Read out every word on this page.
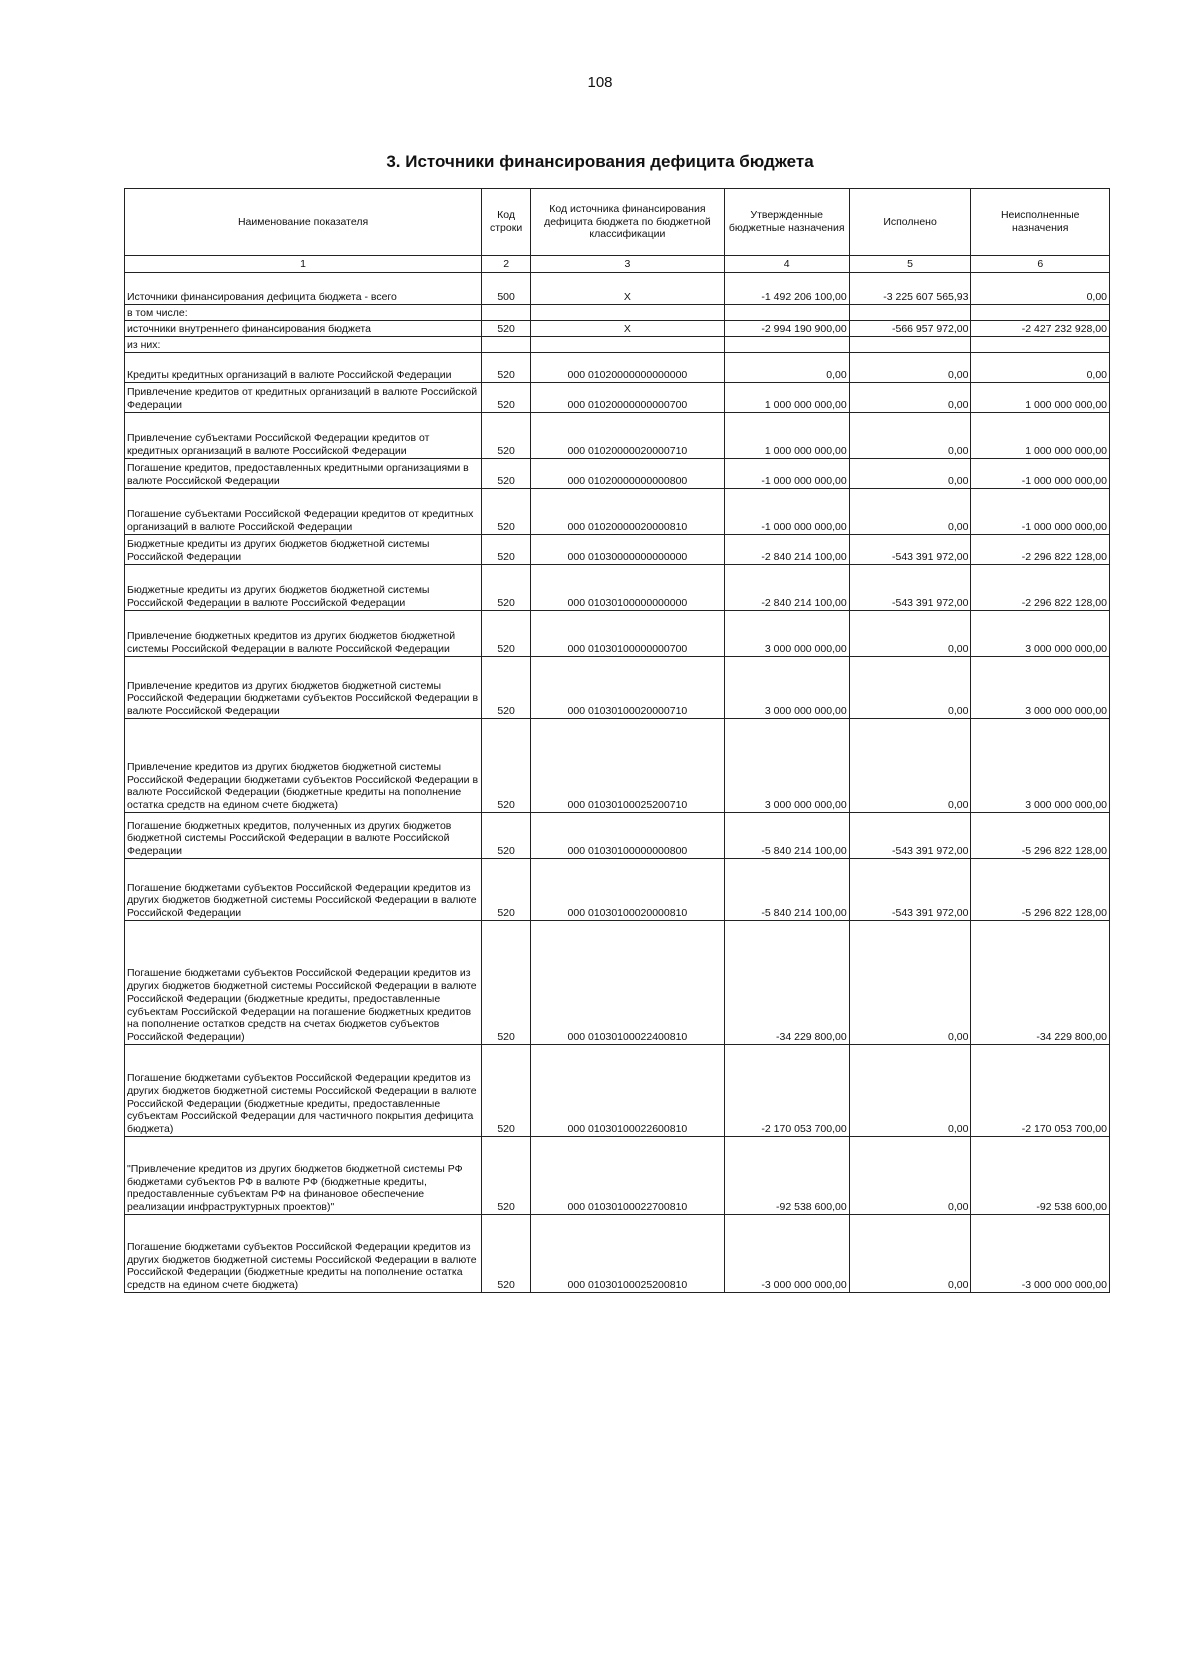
108
3. Источники финансирования дефицита бюджета
Наименование показателя	Код строки	Код источника финансирования дефицита бюджета по бюджетной классификации	Утвержденные бюджетные назначения	Исполнено	Неисполненные назначения
1	2	3	4	5	6
Источники финансирования дефицита бюджета - всего	500	X	-1 492 206 100,00	-3 225 607 565,93	0,00
в том числе:					
источники внутреннего финансирования бюджета	520	X	-2 994 190 900,00	-566 957 972,00	-2 427 232 928,00
из них:					
Кредиты кредитных организаций в валюте Российской Федерации	520	000 01020000000000000	0,00	0,00	0,00
Привлечение кредитов от кредитных организаций в валюте Российской Федерации	520	000 01020000000000700	1 000 000 000,00	0,00	1 000 000 000,00
Привлечение субъектами Российской Федерации кредитов от кредитных организаций в валюте Российской Федерации	520	000 01020000020000710	1 000 000 000,00	0,00	1 000 000 000,00
Погашение кредитов, предоставленных кредитными организациями в валюте Российской Федерации	520	000 01020000000000800	-1 000 000 000,00	0,00	-1 000 000 000,00
Погашение субъектами Российской Федерации кредитов от кредитных организаций в валюте Российской Федерации	520	000 01020000020000810	-1 000 000 000,00	0,00	-1 000 000 000,00
Бюджетные кредиты из других бюджетов бюджетной системы Российской Федерации	520	000 01030000000000000	-2 840 214 100,00	-543 391 972,00	-2 296 822 128,00
Бюджетные кредиты из других бюджетов бюджетной системы Российской Федерации в валюте Российской Федерации	520	000 01030100000000000	-2 840 214 100,00	-543 391 972,00	-2 296 822 128,00
Привлечение бюджетных кредитов из других бюджетов бюджетной системы Российской Федерации в валюте Российской Федерации	520	000 01030100000000700	3 000 000 000,00	0,00	3 000 000 000,00
Привлечение кредитов из других бюджетов бюджетной системы Российской Федерации бюджетами субъектов Российской Федерации в валюте Российской Федерации	520	000 01030100020000710	3 000 000 000,00	0,00	3 000 000 000,00
Привлечение кредитов из других бюджетов бюджетной системы Российской Федерации бюджетами субъектов Российской Федерации в валюте Российской Федерации (бюджетные кредиты на пополнение остатка средств на едином счете бюджета)	520	000 01030100025200710	3 000 000 000,00	0,00	3 000 000 000,00
Погашение бюджетных кредитов, полученных из других бюджетов бюджетной системы Российской Федерации в валюте Российской Федерации	520	000 01030100000000800	-5 840 214 100,00	-543 391 972,00	-5 296 822 128,00
Погашение бюджетами субъектов Российской Федерации кредитов из других бюджетов бюджетной системы Российской Федерации в валюте Российской Федерации	520	000 01030100020000810	-5 840 214 100,00	-543 391 972,00	-5 296 822 128,00
Погашение бюджетами субъектов Российской Федерации кредитов из других бюджетов бюджетной системы Российской Федерации в валюте Российской Федерации (бюджетные кредиты, предоставленные субъектам Российской Федерации на погашение бюджетных кредитов на пополнение остатков средств на счетах бюджетов субъектов Российской Федерации)	520	000 01030100022400810	-34 229 800,00	0,00	-34 229 800,00
Погашение бюджетами субъектов Российской Федерации кредитов из других бюджетов бюджетной системы Российской Федерации в валюте Российской Федерации (бюджетные кредиты, предоставленные субъектам Российской Федерации для частичного покрытия дефицита бюджета)	520	000 01030100022600810	-2 170 053 700,00	0,00	-2 170 053 700,00
"Привлечение кредитов из других бюджетов бюджетной системы РФ бюджетами субъектов РФ в валюте РФ (бюджетные кредиты, предоставленные субъектам РФ на финановое обеспечение реализации инфраструктурных проектов)"	520	000 01030100022700810	-92 538 600,00	0,00	-92 538 600,00
Погашение бюджетами субъектов Российской Федерации кредитов из других бюджетов бюджетной системы Российской Федерации в валюте Российской Федерации (бюджетные кредиты на пополнение остатка средств на едином счете бюджета)	520	000 01030100025200810	-3 000 000 000,00	0,00	-3 000 000 000,00
